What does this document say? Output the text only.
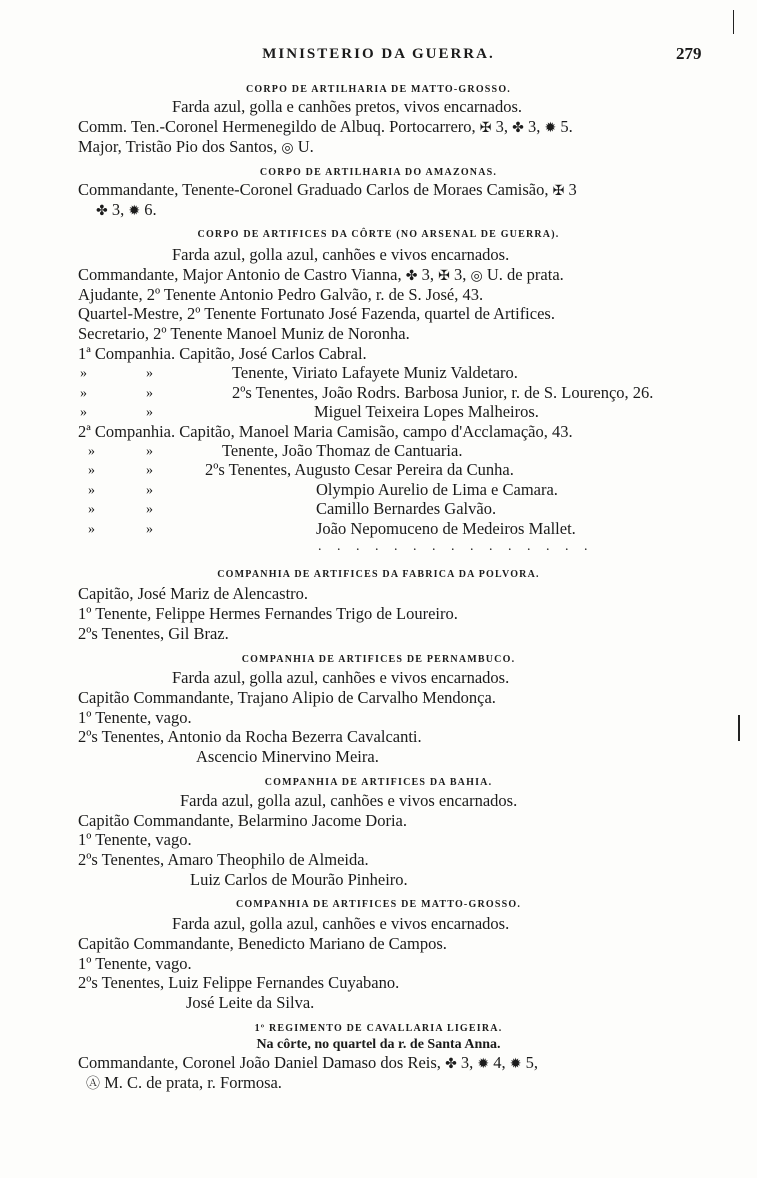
MINISTERIO DA GUERRA.	279
CORPO DE ARTILHARIA DE MATTO-GROSSO.
Farda azul, golla e canhões pretos, vivos encarnados.
Comm. Ten.-Coronel Hermenegildo de Albuq. Portocarrero, ✠ 3, ✤ 3, ✹ 5.
Major, Tristão Pio dos Santos, ◎ U.
CORPO DE ARTILHARIA DO AMAZONAS.
Commandante, Tenente-Coronel Graduado Carlos de Moraes Camisão, ✠ 3
✤ 3, ✹ 6.
CORPO DE ARTIFICES DA CÔRTE (NO ARSENAL DE GUERRA).
Farda azul, golla azul, canhões e vivos encarnados.
Commandante, Major Antonio de Castro Vianna, ✤ 3, ✠ 3, ◎ U. de prata.
Ajudante, 2º Tenente Antonio Pedro Galvão, r. de S. José, 43.
Quartel-Mestre, 2º Tenente Fortunato José Fazenda, quartel de Artifices.
Secretario, 2º Tenente Manoel Muniz de Noronha.
1ª Companhia. Capitão, José Carlos Cabral.
»	»	Tenente, Viriato Lafayete Muniz Valdetaro.
»	»	2ºs Tenentes, João Rodrs. Barbosa Junior, r. de S. Lourenço, 26.
»	»	Miguel Teixeira Lopes Malheiros.
2ª Companhia. Capitão, Manoel Maria Camisão, campo d'Acclamação, 43.
»	»	Tenente, João Thomaz de Cantuaria.
»	»	2ºs Tenentes, Augusto Cesar Pereira da Cunha.
»	»	Olympio Aurelio de Lima e Camara.
»	»	Camillo Bernardes Galvão.
»	»	João Nepomuceno de Medeiros Mallet.
. . . . . . . . . . . . . . .
COMPANHIA DE ARTIFICES DA FABRICA DA POLVORA.
Capitão, José Mariz de Alencastro.
1º Tenente, Felippe Hermes Fernandes Trigo de Loureiro.
2ºs Tenentes, Gil Braz.
COMPANHIA DE ARTIFICES DE PERNAMBUCO.
Farda azul, golla azul, canhões e vivos encarnados.
Capitão Commandante, Trajano Alipio de Carvalho Mendonça.
1º Tenente, vago.
2ºs Tenentes, Antonio da Rocha Bezerra Cavalcanti.
Ascencio Minervino Meira.
COMPANHIA DE ARTIFICES DA BAHIA.
Farda azul, golla azul, canhões e vivos encarnados.
Capitão Commandante, Belarmino Jacome Doria.
1º Tenente, vago.
2ºs Tenentes, Amaro Theophilo de Almeida.
Luiz Carlos de Mourão Pinheiro.
COMPANHIA DE ARTIFICES DE MATTO-GROSSO.
Farda azul, golla azul, canhões e vivos encarnados.
Capitão Commandante, Benedicto Mariano de Campos.
1º Tenente, vago.
2ºs Tenentes, Luiz Felippe Fernandes Cuyabano.
José Leite da Silva.
1º REGIMENTO DE CAVALLARIA LIGEIRA.
Na côrte, no quartel da r. de Santa Anna.
Commandante, Coronel João Daniel Damaso dos Reis, ✤ 3, ✹ 4, ✹ 5,
Ⓐ M. C. de prata, r. Formosa.
